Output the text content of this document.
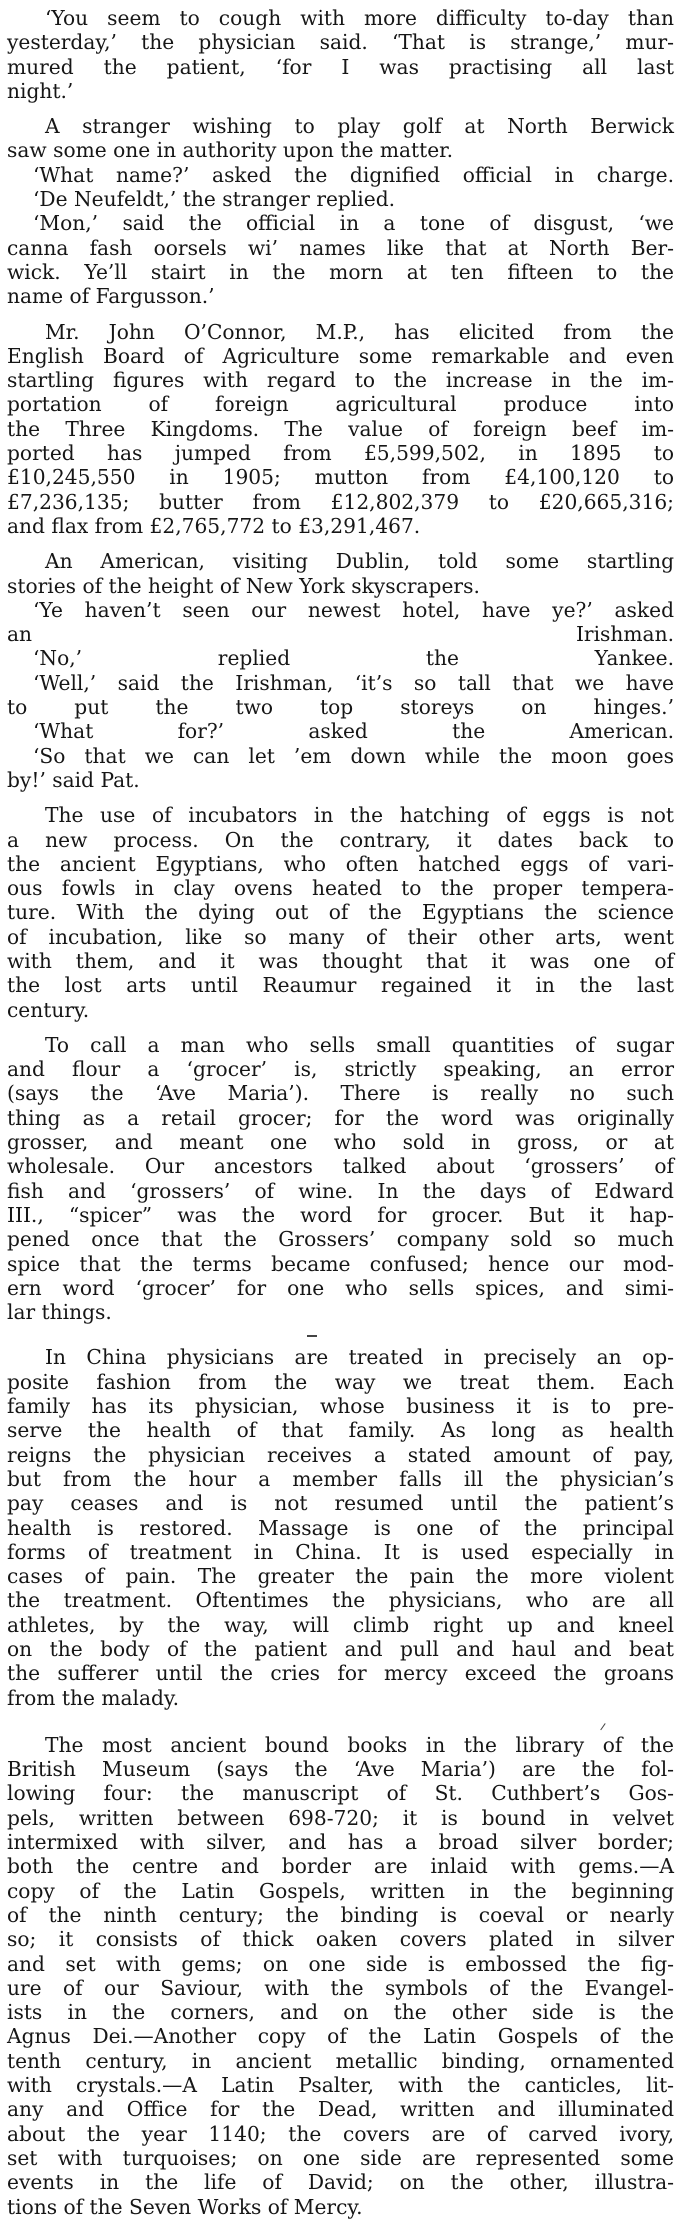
‘You seem to cough with more difficulty to-day than
yesterday,’ the physician said. ‘That is strange,’ mur-
mured the patient, ‘for I was practising all last
night.’
A stranger wishing to play golf at North Berwick
saw some one in authority upon the matter.
‘What name?’ asked the dignified official in charge.
‘De Neufeldt,’ the stranger replied.
‘Mon,’ said the official in a tone of disgust, ‘we
canna fash oorsels wi’ names like that at North Ber-
wick. Ye’ll stairt in the morn at ten fifteen to the
name of Fargusson.’
Mr. John O’Connor, M.P., has elicited from the
English Board of Agriculture some remarkable and even
startling figures with regard to the increase in the im-
portation of foreign agricultural produce into
the Three Kingdoms. The value of foreign beef im-
ported has jumped from £5,599,502, in 1895 to
£10,245,550 in 1905; mutton from £4,100,120 to
£7,236,135; butter from £12,802,379 to £20,665,316;
and flax from £2,765,772 to £3,291,467.
An American, visiting Dublin, told some startling
stories of the height of New York skyscrapers.
‘Ye haven’t seen our newest hotel, have ye?’ asked
an Irishman.
‘No,’ replied the Yankee.
‘Well,’ said the Irishman, ‘it’s so tall that we have
to put the two top storeys on hinges.’
‘What for?’ asked the American.
‘So that we can let ’em down while the moon goes
by!’ said Pat.
The use of incubators in the hatching of eggs is not
a new process. On the contrary, it dates back to
the ancient Egyptians, who often hatched eggs of vari-
ous fowls in clay ovens heated to the proper tempera-
ture. With the dying out of the Egyptians the science
of incubation, like so many of their other arts, went
with them, and it was thought that it was one of
the lost arts until Reaumur regained it in the last
century.
To call a man who sells small quantities of sugar
and flour a ‘grocer’ is, strictly speaking, an error
(says the ‘Ave Maria’). There is really no such
thing as a retail grocer; for the word was originally
grosser, and meant one who sold in gross, or at
wholesale. Our ancestors talked about ‘grossers’ of
fish and ‘grossers’ of wine. In the days of Edward
III., “spicer” was the word for grocer. But it hap-
pened once that the Grossers’ company sold so much
spice that the terms became confused; hence our mod-
ern word ‘grocer’ for one who sells spices, and simi-
lar things.
In China physicians are treated in precisely an op-
posite fashion from the way we treat them. Each
family has its physician, whose business it is to pre-
serve the health of that family. As long as health
reigns the physician receives a stated amount of pay,
but from the hour a member falls ill the physician’s
pay ceases and is not resumed until the patient’s
health is restored. Massage is one of the principal
forms of treatment in China. It is used especially in
cases of pain. The greater the pain the more violent
the treatment. Oftentimes the physicians, who are all
athletes, by the way, will climb right up and kneel
on the body of the patient and pull and haul and beat
the sufferer until the cries for mercy exceed the groans
from the malady.
The most ancient bound books in the library of the
British Museum (says the ‘Ave Maria’) are the fol-
lowing four: the manuscript of St. Cuthbert’s Gos-
pels, written between 698-720; it is bound in velvet
intermixed with silver, and has a broad silver border;
both the centre and border are inlaid with gems.—A
copy of the Latin Gospels, written in the beginning
of the ninth century; the binding is coeval or nearly
so; it consists of thick oaken covers plated in silver
and set with gems; on one side is embossed the fig-
ure of our Saviour, with the symbols of the Evangel-
ists in the corners, and on the other side is the
Agnus Dei.—Another copy of the Latin Gospels of the
tenth century, in ancient metallic binding, ornamented
with crystals.—A Latin Psalter, with the canticles, lit-
any and Office for the Dead, written and illuminated
about the year 1140; the covers are of carved ivory,
set with turquoises; on one side are represented some
events in the life of David; on the other, illustra-
tions of the Seven Works of Mercy.
